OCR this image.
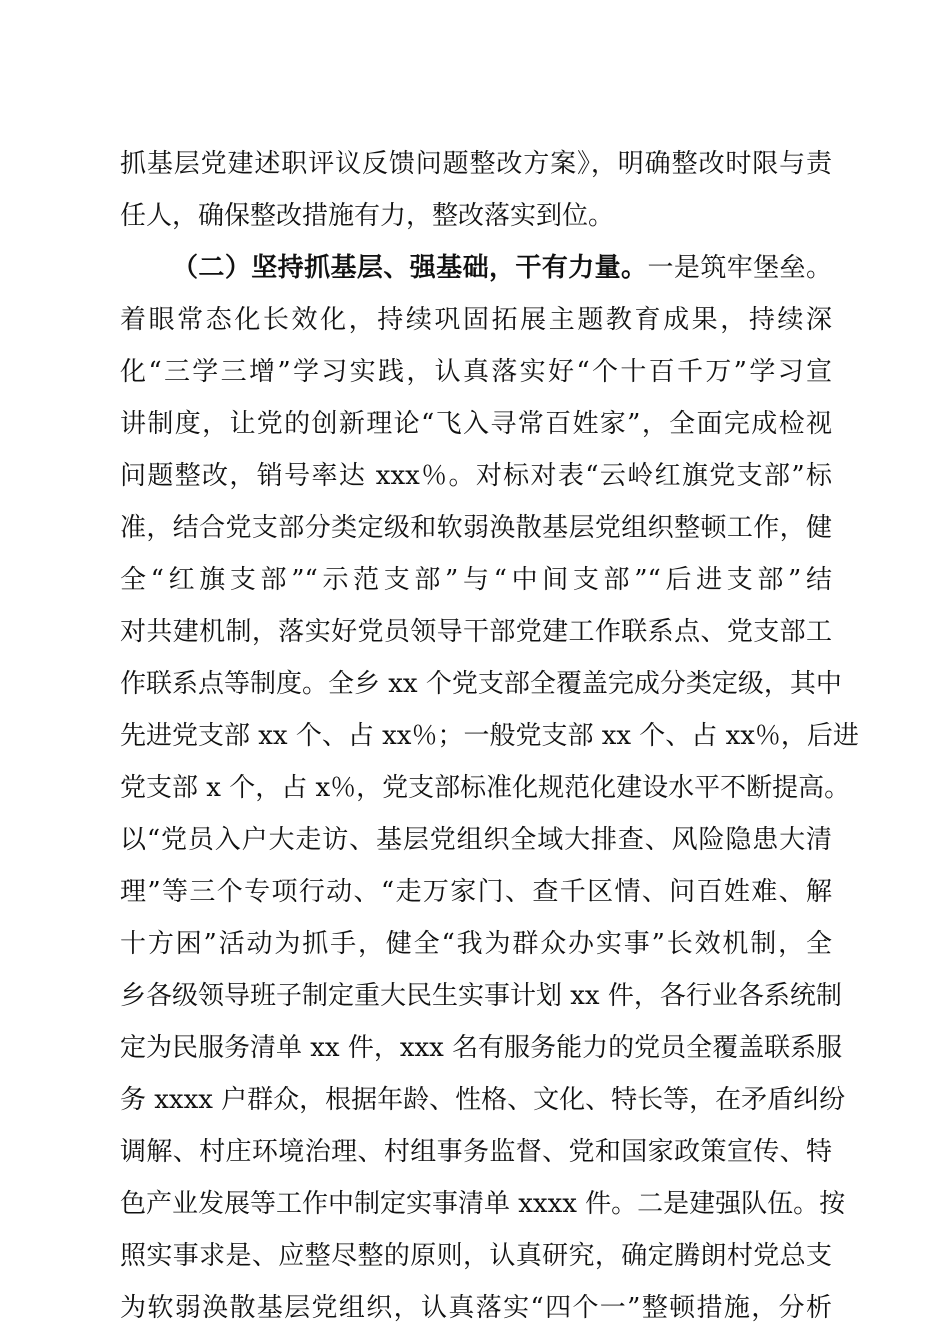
抓基层党建述职评议反馈问题整改方案》，明确整改时限与责
任人，确保整改措施有力，整改落实到位。
（二）坚持抓基层、强基础，干有力量。一是筑牢堡垒。
着眼常态化长效化，持续巩固拓展主题教育成果，持续深
化“三学三增”学习实践，认真落实好“个十百千万”学习宣
讲制度，让党的创新理论“飞入寻常百姓家”，全面完成检视
问题整改，销号率达 xxx％。对标对表“云岭红旗党支部”标
准，结合党支部分类定级和软弱涣散基层党组织整顿工作，健
全“红旗支部”“示范支部”与“中间支部”“后进支部”结
对共建机制，落实好党员领导干部党建工作联系点、党支部工
作联系点等制度。全乡 xx 个党支部全覆盖完成分类定级，其中
先进党支部 xx 个、占 xx％；一般党支部 xx 个、占 xx％，后进
党支部 x 个，占 x％，党支部标准化规范化建设水平不断提高。
以“党员入户大走访、基层党组织全域大排查、风险隐患大清
理”等三个专项行动、“走万家门、查千区情、问百姓难、解
十方困”活动为抓手，健全“我为群众办实事”长效机制，全
乡各级领导班子制定重大民生实事计划 xx 件，各行业各系统制
定为民服务清单 xx 件，xxx 名有服务能力的党员全覆盖联系服
务 xxxx 户群众，根据年龄、性格、文化、特长等，在矛盾纠纷
调解、村庄环境治理、村组事务监督、党和国家政策宣传、特
色产业发展等工作中制定实事清单 xxxx 件。二是建强队伍。按
照实事求是、应整尽整的原则，认真研究，确定腾朗村党总支
为软弱涣散基层党组织，认真落实“四个一”整顿措施，分析
